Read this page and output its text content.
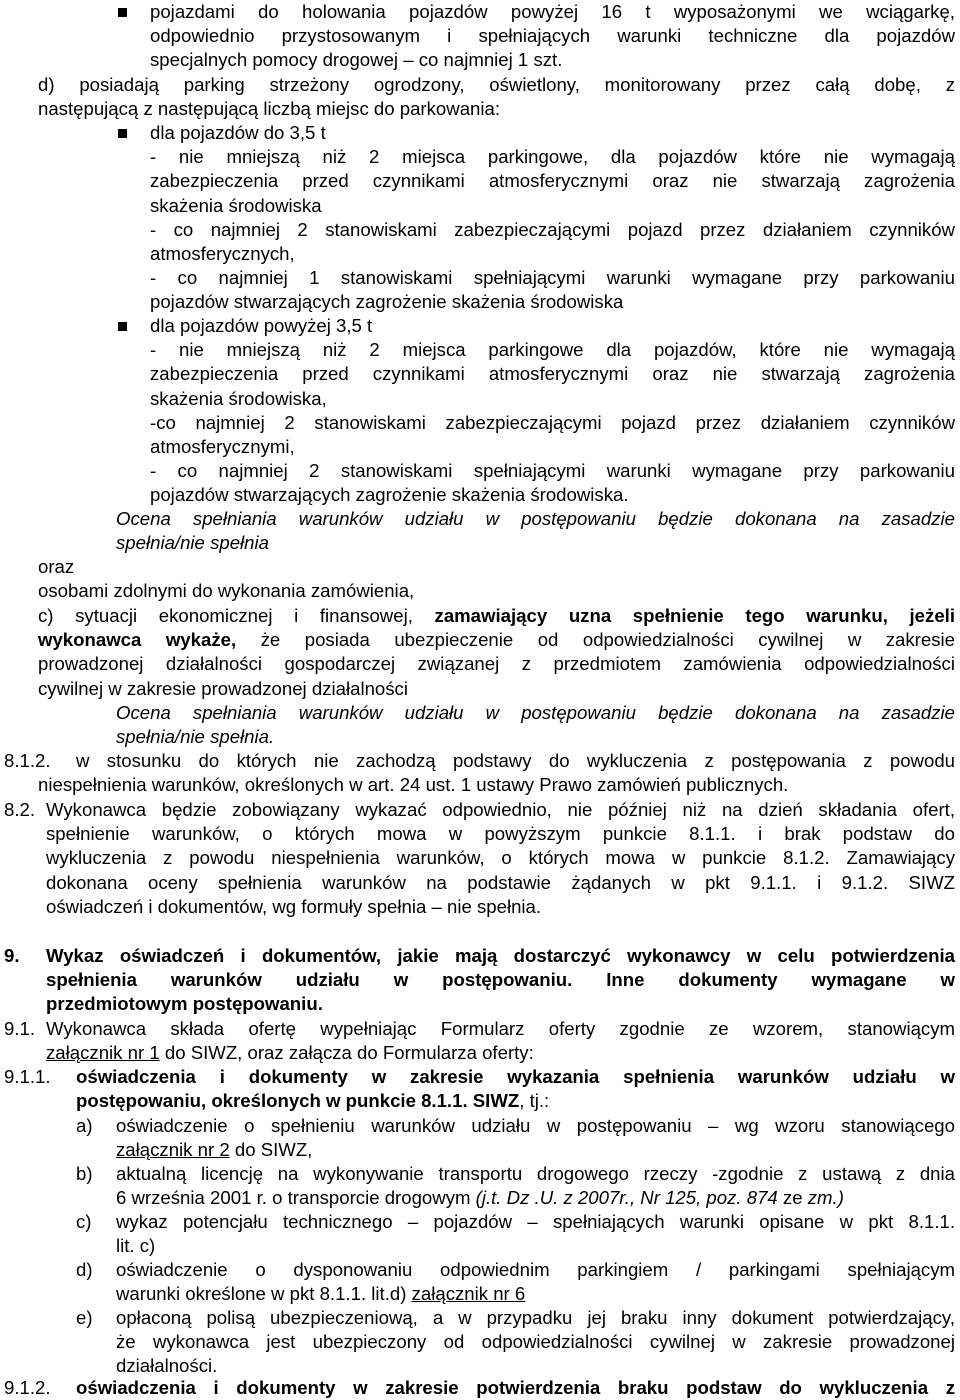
pojazdami do holowania pojazdów powyżej 16 t wyposażonymi we wciągarkę,
odpowiednio przystosowanym i spełniających warunki techniczne dla pojazdów
specjalnych pomocy drogowej – co najmniej 1 szt.
d) posiadają parking strzeżony ogrodzony, oświetlony, monitorowany przez całą dobę, z
następującą z następującą liczbą miejsc do parkowania:
dla pojazdów do 3,5 t
- nie mniejszą niż 2 miejsca parkingowe, dla pojazdów które nie wymagają
zabezpieczenia przed czynnikami atmosferycznymi oraz nie stwarzają zagrożenia
skażenia środowiska
- co najmniej 2 stanowiskami zabezpieczającymi pojazd przez działaniem czynników
atmosferycznych,
- co najmniej 1 stanowiskami spełniającymi warunki wymagane przy parkowaniu
pojazdów stwarzających zagrożenie skażenia środowiska
dla pojazdów powyżej 3,5 t
- nie mniejszą niż 2 miejsca parkingowe dla pojazdów, które nie wymagają
zabezpieczenia przed czynnikami atmosferycznymi oraz nie stwarzają zagrożenia
skażenia środowiska,
-co najmniej 2 stanowiskami zabezpieczającymi pojazd przez działaniem czynników
atmosferycznymi,
- co najmniej 2 stanowiskami spełniającymi warunki wymagane przy parkowaniu
pojazdów stwarzających zagrożenie skażenia środowiska.
Ocena spełniania warunków udziału w postępowaniu będzie dokonana na zasadzie
spełnia/nie spełnia
oraz
osobami zdolnymi do wykonania zamówienia,
c) sytuacji ekonomicznej i finansowej, zamawiający uzna spełnienie tego warunku, jeżeli
wykonawca wykaże, że posiada ubezpieczenie od odpowiedzialności cywilnej w zakresie
prowadzonej działalności gospodarczej związanej z przedmiotem zamówienia odpowiedzialności
cywilnej w zakresie prowadzonej działalności
Ocena spełniania warunków udziału w postępowaniu będzie dokonana na zasadzie
spełnia/nie spełnia.
8.1.2. w stosunku do których nie zachodzą podstawy do wykluczenia z postępowania z powodu
niespełnienia warunków, określonych w art. 24 ust. 1 ustawy Prawo zamówień publicznych.
8.2. Wykonawca będzie zobowiązany wykazać odpowiednio, nie później niż na dzień składania ofert,
spełnienie warunków, o których mowa w powyższym punkcie 8.1.1. i brak podstaw do
wykluczenia z powodu niespełnienia warunków, o których mowa w punkcie 8.1.2. Zamawiający
dokonana oceny spełnienia warunków na podstawie żądanych w pkt 9.1.1. i 9.1.2. SIWZ
oświadczeń i dokumentów, wg formuły spełnia – nie spełnia.
9. Wykaz oświadczeń i dokumentów, jakie mają dostarczyć wykonawcy w celu potwierdzenia
spełnienia warunków udziału w postępowaniu. Inne dokumenty wymagane w
przedmiotowym postępowaniu.
9.1. Wykonawca składa ofertę wypełniając Formularz oferty zgodnie ze wzorem, stanowiącym
załącznik nr 1 do SIWZ, oraz załącza do Formularza oferty:
9.1.1. oświadczenia i dokumenty w zakresie wykazania spełnienia warunków udziału w
postępowaniu, określonych w punkcie 8.1.1. SIWZ, tj.:
a) oświadczenie o spełnieniu warunków udziału w postępowaniu – wg wzoru stanowiącego
załącznik nr 2 do SIWZ,
b) aktualną licencję na wykonywanie transportu drogowego rzeczy -zgodnie z ustawą z dnia
6 września 2001 r. o transporcie drogowym (j.t. Dz .U. z 2007r., Nr 125, poz. 874 ze zm.)
c) wykaz potencjału technicznego – pojazdów – spełniających warunki opisane w pkt 8.1.1.
lit. c)
d) oświadczenie o dysponowaniu odpowiednim parkingiem / parkingami spełniającym
warunki określone w pkt 8.1.1. lit.d) załącznik nr 6
e) opłaconą polisą ubezpieczeniową, a w przypadku jej braku inny dokument potwierdzający,
że wykonawca jest ubezpieczony od odpowiedzialności cywilnej w zakresie prowadzonej
działalności.
9.1.2. oświadczenia i dokumenty w zakresie potwierdzenia braku podstaw do wykluczenia z
